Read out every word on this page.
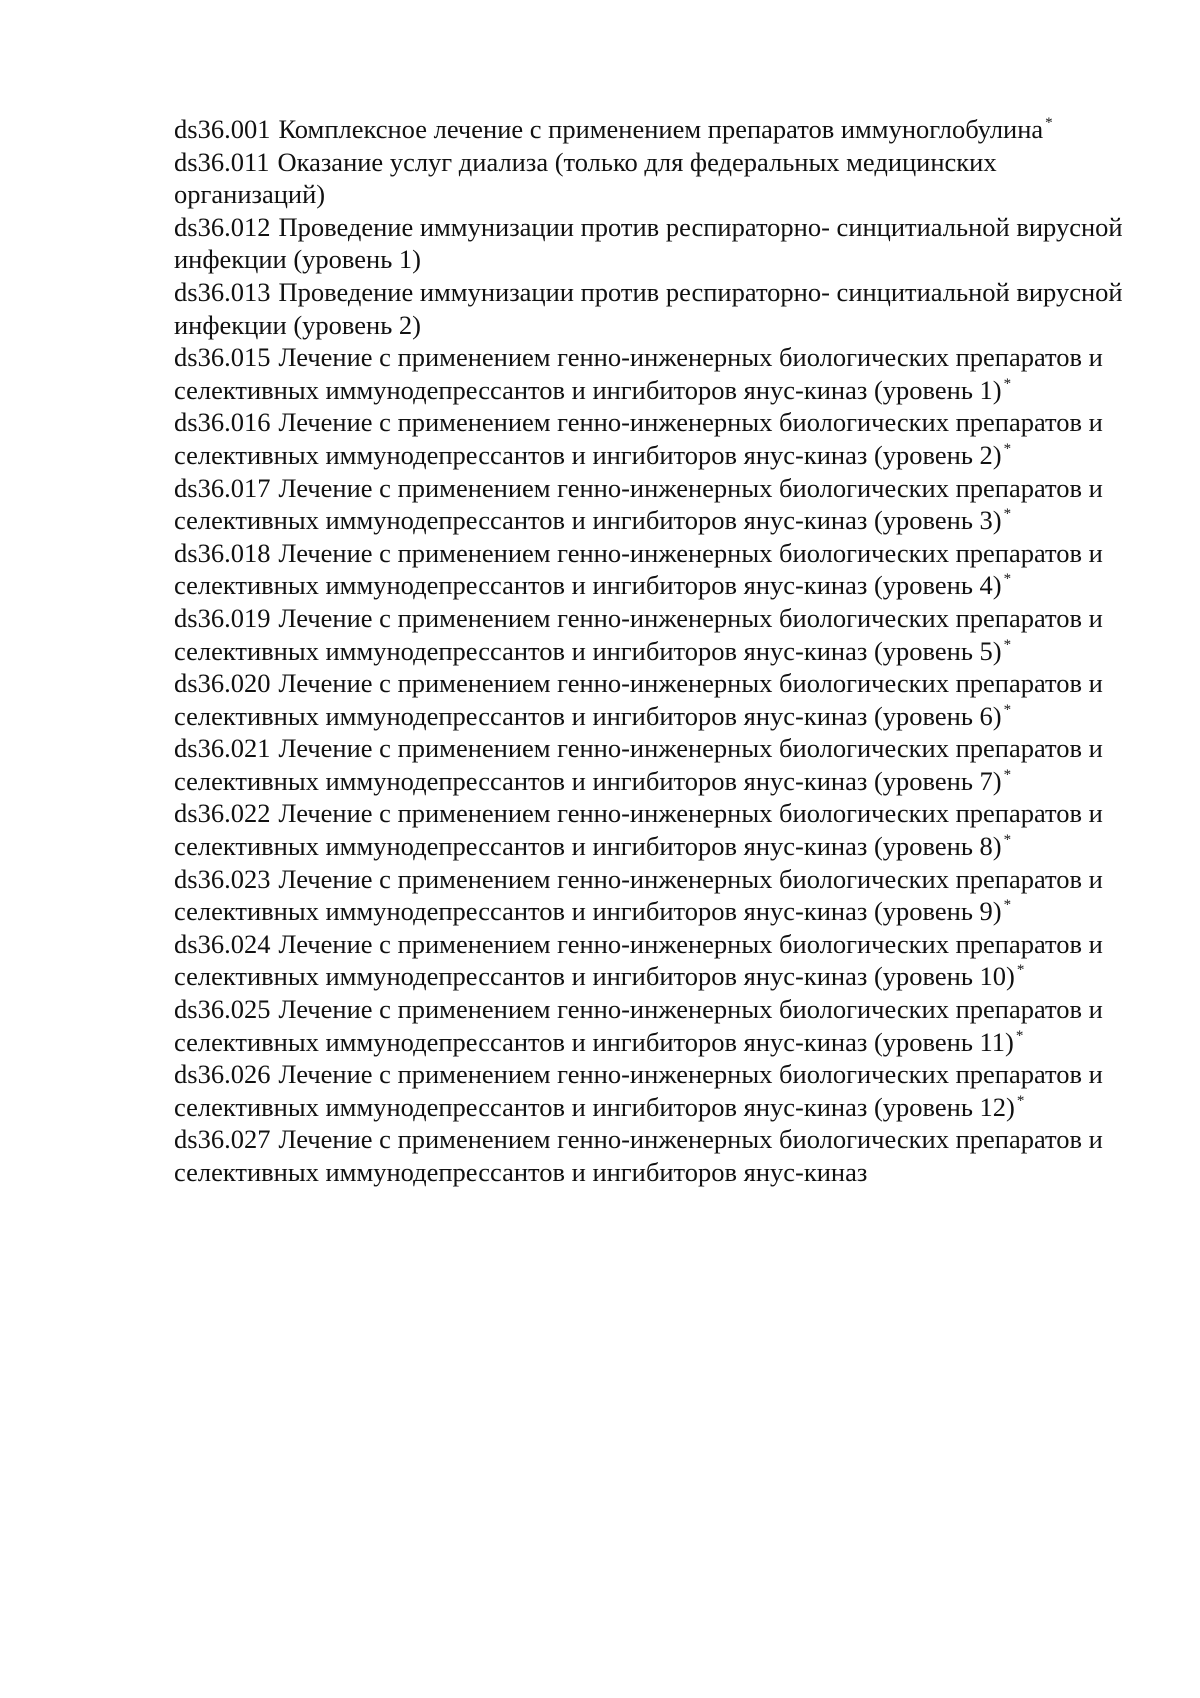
ds36.001 Комплексное лечение с применением препаратов иммуноглобулина *
ds36.011 Оказание услуг диализа (только для федеральных медицинских организаций)
ds36.012 Проведение иммунизации против респираторно- синцитиальной вирусной инфекции (уровень 1)
ds36.013 Проведение иммунизации против респираторно- синцитиальной вирусной инфекции (уровень 2)
ds36.015 Лечение с применением генно-инженерных биологических препаратов и селективных иммунодепрессантов и ингибиторов янус-киназ (уровень 1) *
ds36.016 Лечение с применением генно-инженерных биологических препаратов и селективных иммунодепрессантов и ингибиторов янус-киназ (уровень 2) *
ds36.017 Лечение с применением генно-инженерных биологических препаратов и селективных иммунодепрессантов и ингибиторов янус-киназ (уровень 3) *
ds36.018 Лечение с применением генно-инженерных биологических препаратов и селективных иммунодепрессантов и ингибиторов янус-киназ (уровень 4) *
ds36.019 Лечение с применением генно-инженерных биологических препаратов и селективных иммунодепрессантов и ингибиторов янус-киназ (уровень 5) *
ds36.020 Лечение с применением генно-инженерных биологических препаратов и селективных иммунодепрессантов и ингибиторов янус-киназ (уровень 6) *
ds36.021 Лечение с применением генно-инженерных биологических препаратов и селективных иммунодепрессантов и ингибиторов янус-киназ (уровень 7) *
ds36.022 Лечение с применением генно-инженерных биологических препаратов и селективных иммунодепрессантов и ингибиторов янус-киназ (уровень 8) *
ds36.023 Лечение с применением генно-инженерных биологических препаратов и селективных иммунодепрессантов и ингибиторов янус-киназ (уровень 9) *
ds36.024 Лечение с применением генно-инженерных биологических препаратов и селективных иммунодепрессантов и ингибиторов янус-киназ (уровень 10) *
ds36.025 Лечение с применением генно-инженерных биологических препаратов и селективных иммунодепрессантов и ингибиторов янус-киназ (уровень 11) *
ds36.026 Лечение с применением генно-инженерных биологических препаратов и селективных иммунодепрессантов и ингибиторов янус-киназ (уровень 12) *
ds36.027 Лечение с применением генно-инженерных биологических препаратов и селективных иммунодепрессантов и ингибиторов янус-киназ
